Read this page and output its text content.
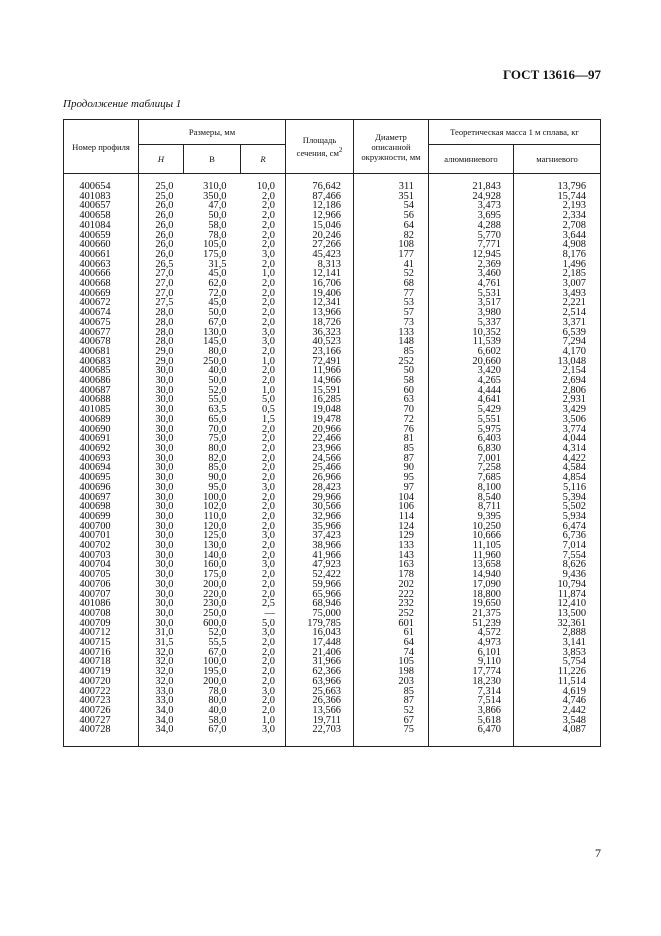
ГОСТ 13616—97
Продолжение таблицы 1
Номер профиля	Размеры, мм			Площадь сечения, $см^2$	Диаметр описанной окружности, мм	Теоретическая масса 1 м сплава, кг	
	H	B	R			алюминиевого	магниевого
400654	25,0	310,0	10,0	76,642	311	21,843	13,796
401083	25,0	350,0	2,0	87,466	351	24,928	15,744
400657	26,0	47,0	2,0	12,186	54	3,473	2,193
400658	26,0	50,0	2,0	12,966	56	3,695	2,334
401084	26,0	58,0	2,0	15,046	64	4,288	2,708
400659	26,0	78,0	2,0	20,246	82	5,770	3,644
400660	26,0	105,0	2,0	27,266	108	7,771	4,908
400661	26,0	175,0	3,0	45,423	177	12,945	8,176
400663	26,5	31,5	2,0	8,313	41	2,369	1,496
400666	27,0	45,0	1,0	12,141	52	3,460	2,185
400668	27,0	62,0	2,0	16,706	68	4,761	3,007
400669	27,0	72,0	2,0	19,406	77	5,531	3,493
400672	27,5	45,0	2,0	12,341	53	3,517	2,221
400674	28,0	50,0	2,0	13,966	57	3,980	2,514
400675	28,0	67,0	2,0	18,726	73	5,337	3,371
400677	28,0	130,0	3,0	36,323	133	10,352	6,539
400678	28,0	145,0	3,0	40,523	148	11,539	7,294
400681	29,0	80,0	2,0	23,166	85	6,602	4,170
400683	29,0	250,0	1,0	72,491	252	20,660	13,048
400685	30,0	40,0	2,0	11,966	50	3,420	2,154
400686	30,0	50,0	2,0	14,966	58	4,265	2,694
400687	30,0	52,0	1,0	15,591	60	4,444	2,806
400688	30,0	55,0	5,0	16,285	63	4,641	2,931
401085	30,0	63,5	0,5	19,048	70	5,429	3,429
400689	30,0	65,0	1,5	19,478	72	5,551	3,506
400690	30,0	70,0	2,0	20,966	76	5,975	3,774
400691	30,0	75,0	2,0	22,466	81	6,403	4,044
400692	30,0	80,0	2,0	23,966	85	6,830	4,314
400693	30,0	82,0	2,0	24,566	87	7,001	4,422
400694	30,0	85,0	2,0	25,466	90	7,258	4,584
400695	30,0	90,0	2,0	26,966	95	7,685	4,854
400696	30,0	95,0	3,0	28,423	97	8,100	5,116
400697	30,0	100,0	2,0	29,966	104	8,540	5,394
400698	30,0	102,0	2,0	30,566	106	8,711	5,502
400699	30,0	110,0	2,0	32,966	114	9,395	5,934
400700	30,0	120,0	2,0	35,966	124	10,250	6,474
400701	30,0	125,0	3,0	37,423	129	10,666	6,736
400702	30,0	130,0	2,0	38,966	133	11,105	7,014
400703	30,0	140,0	2,0	41,966	143	11,960	7,554
400704	30,0	160,0	3,0	47,923	163	13,658	8,626
400705	30,0	175,0	2,0	52,422	178	14,940	9,436
400706	30,0	200,0	2,0	59,966	202	17,090	10,794
400707	30,0	220,0	2,0	65,966	222	18,800	11,874
401086	30,0	230,0	2,5	68,946	232	19,650	12,410
400708	30,0	250,0	—	75,000	252	21,375	13,500
400709	30,0	600,0	5,0	179,785	601	51,239	32,361
400712	31,0	52,0	3,0	16,043	61	4,572	2,888
400715	31,5	55,5	2,0	17,448	64	4,973	3,141
400716	32,0	67,0	2,0	21,406	74	6,101	3,853
400718	32,0	100,0	2,0	31,966	105	9,110	5,754
400719	32,0	195,0	2,0	62,366	198	17,774	11,226
400720	32,0	200,0	2,0	63,966	203	18,230	11,514
400722	33,0	78,0	3,0	25,663	85	7,314	4,619
400723	33,0	80,0	2,0	26,366	87	7,514	4,746
400726	34,0	40,0	2,0	13,566	52	3,866	2,442
400727	34,0	58,0	1,0	19,711	67	5,618	3,548
400728	34,0	67,0	3,0	22,703	75	6,470	4,087
7
